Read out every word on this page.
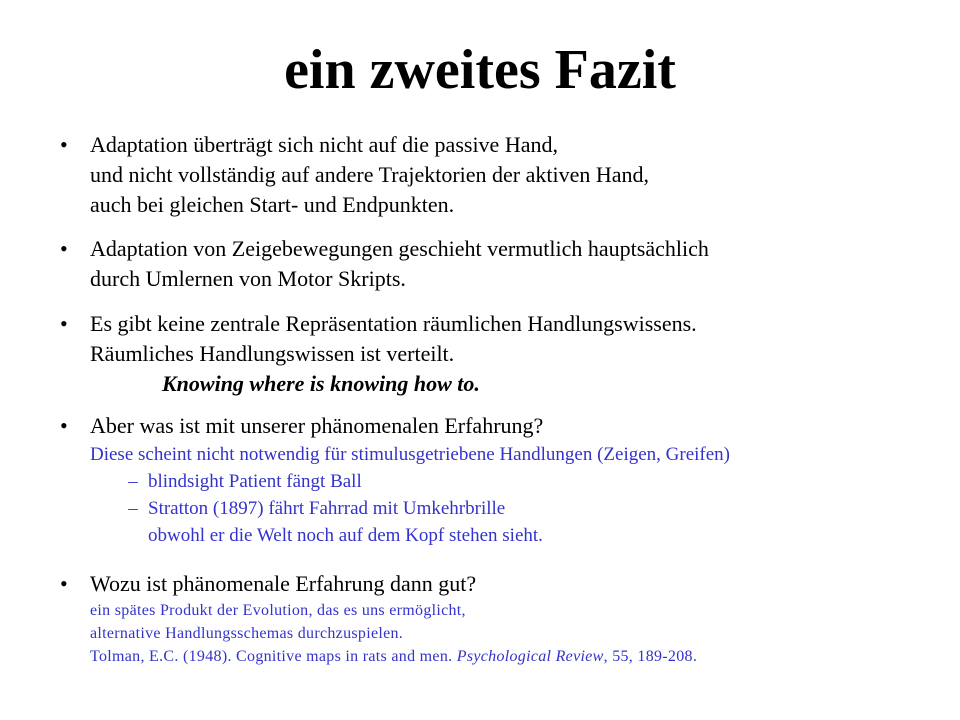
ein zweites Fazit
• Adaptation überträgt sich nicht auf die passive Hand,
und nicht vollständig auf andere Trajektorien der aktiven Hand,
auch bei gleichen Start- und Endpunkten.
• Adaptation von Zeigebewegungen geschieht vermutlich hauptsächlich
durch Umlernen von Motor Skripts.
• Es gibt keine zentrale Repräsentation räumlichen Handlungswissens.
Räumliches Handlungswissen ist verteilt.
Knowing where is knowing how to.
• Aber was ist mit unserer phänomenalen Erfahrung?
Diese scheint nicht notwendig für stimulusgetriebene Handlungen (Zeigen, Greifen)
– blindsight Patient fängt Ball
– Stratton (1897) fährt Fahrrad mit Umkehrbrille
obwohl er die Welt noch auf dem Kopf stehen sieht.
• Wozu ist phänomenale Erfahrung dann gut?
ein spätes Produkt der Evolution, das es uns ermöglicht,
alternative Handlungsschemas durchzuspielen.
Tolman, E.C. (1948). Cognitive maps in rats and men. Psychological Review, 55, 189-208.
